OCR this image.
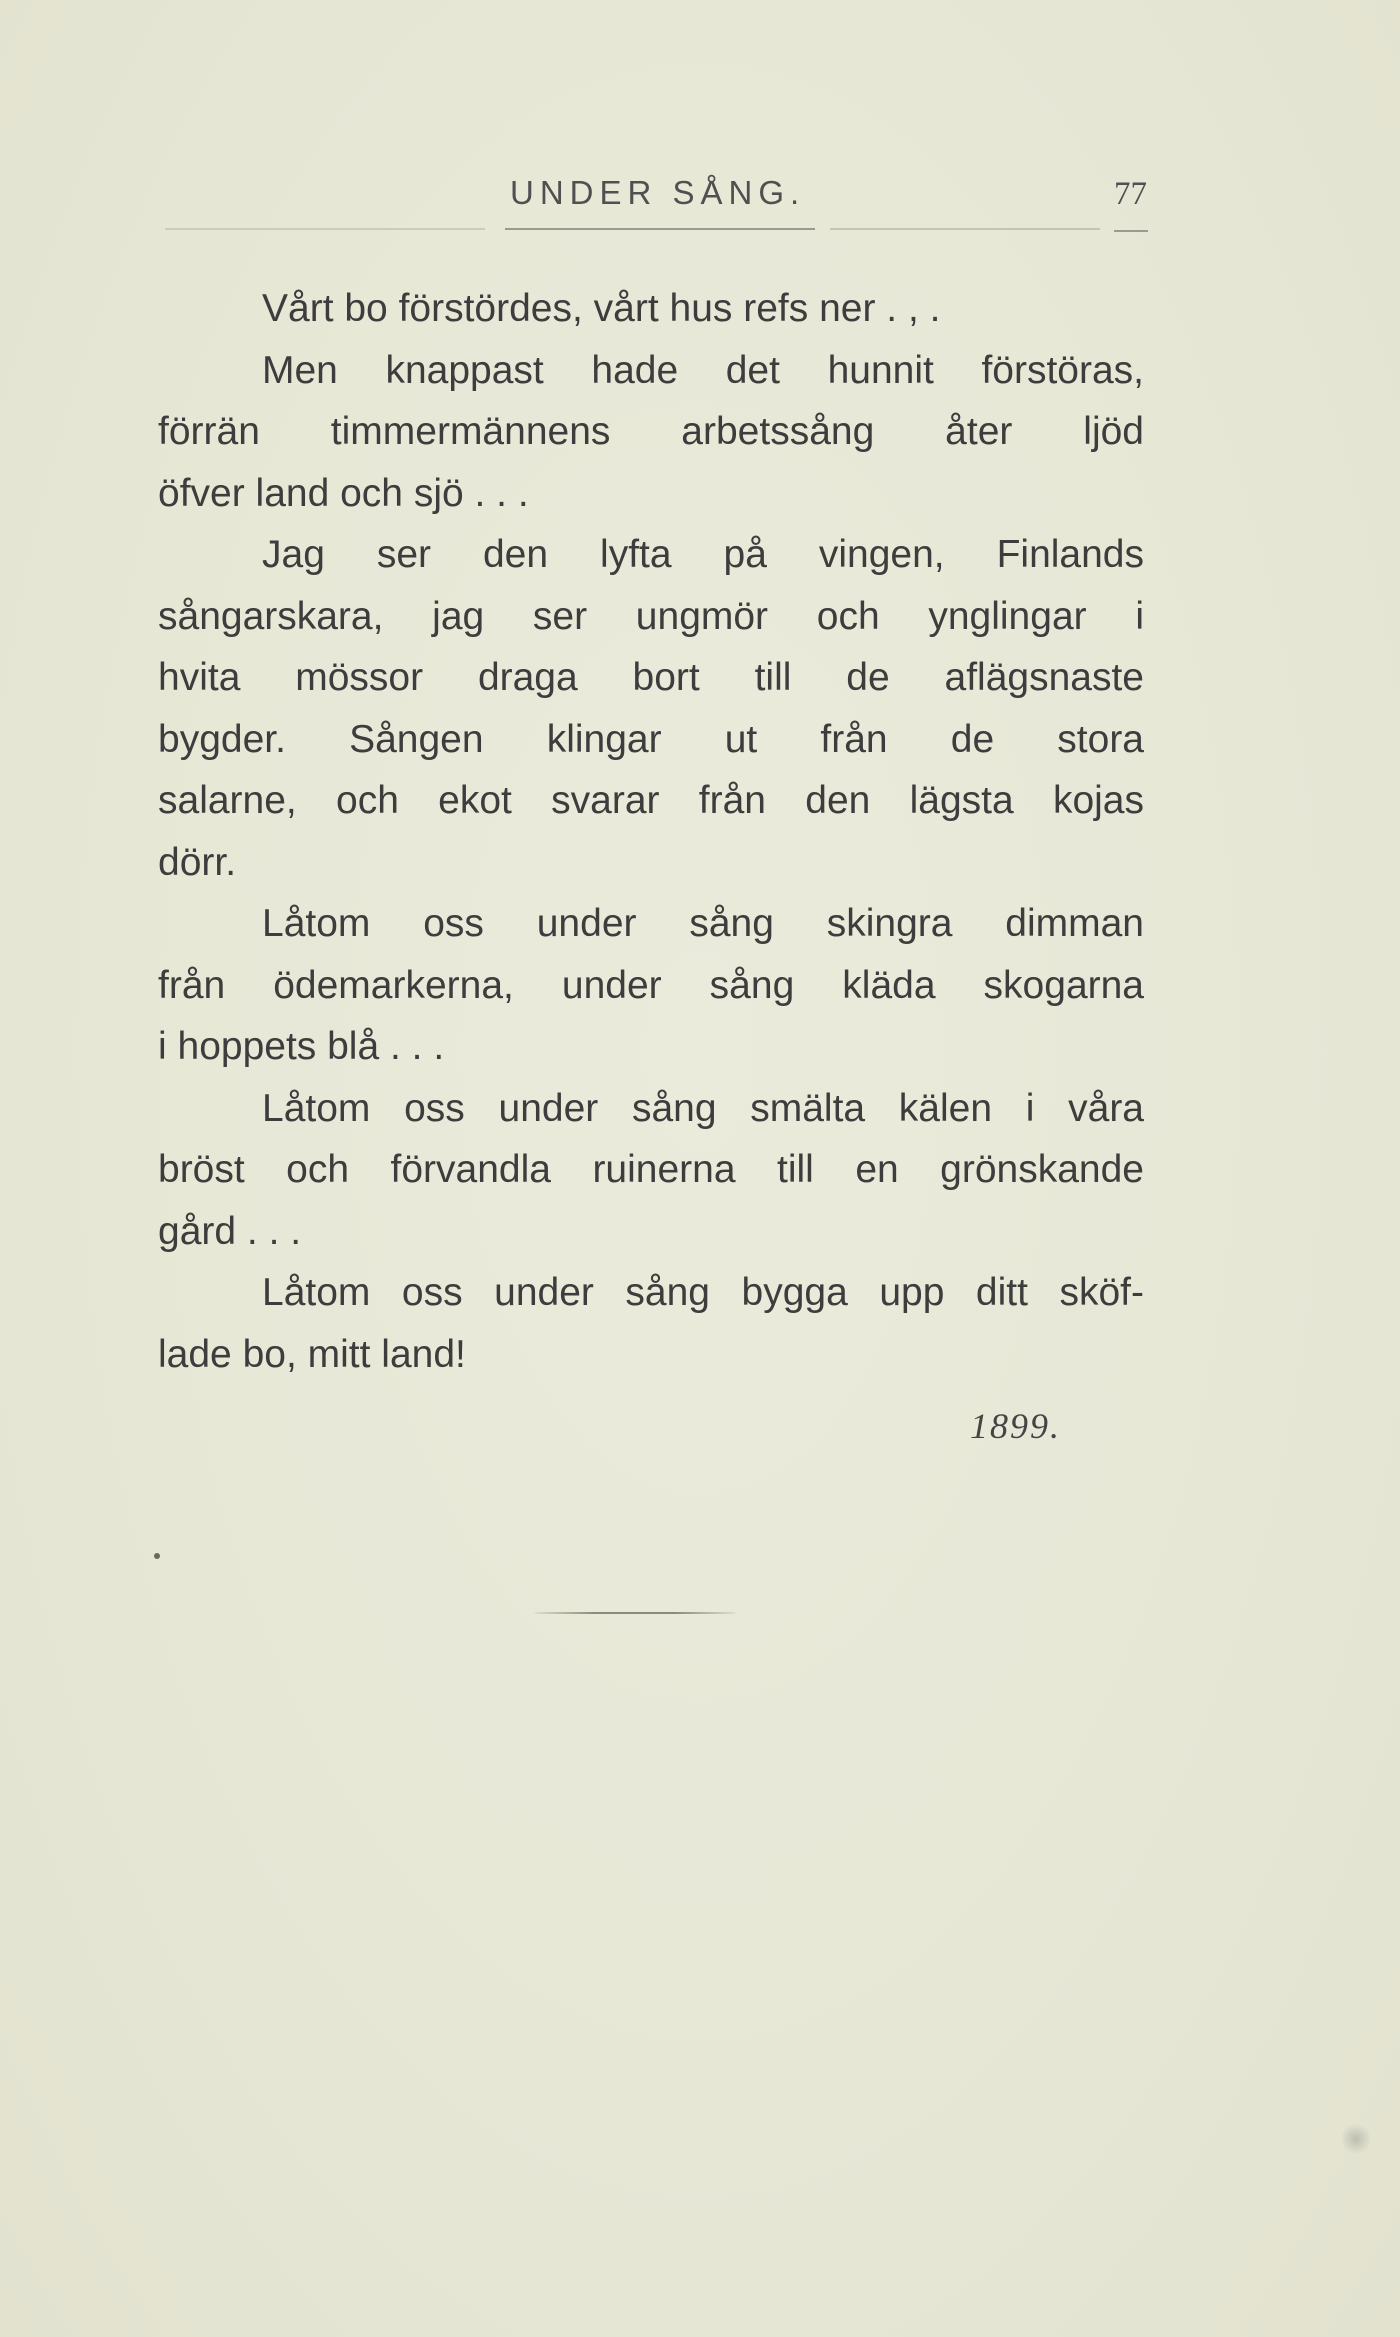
UNDER SÅNG.	77
Vårt bo förstördes, vårt hus refs ner . , .
Men knappast hade det hunnit förstöras,
förrän timmermännens arbetssång åter ljöd
öfver land och sjö . . .
Jag ser den lyfta på vingen, Finlands
sångarskara, jag ser ungmör och ynglingar i
hvita mössor draga bort till de aflägsnaste
bygder. Sången klingar ut från de stora
salarne, och ekot svarar från den lägsta kojas
dörr.
Låtom oss under sång skingra dimman
från ödemarkerna, under sång kläda skogarna
i hoppets blå . . .
Låtom oss under sång smälta kälen i våra
bröst och förvandla ruinerna till en grönskande
gård . . .
Låtom oss under sång bygga upp ditt sköf-
lade bo, mitt land!
1899.
